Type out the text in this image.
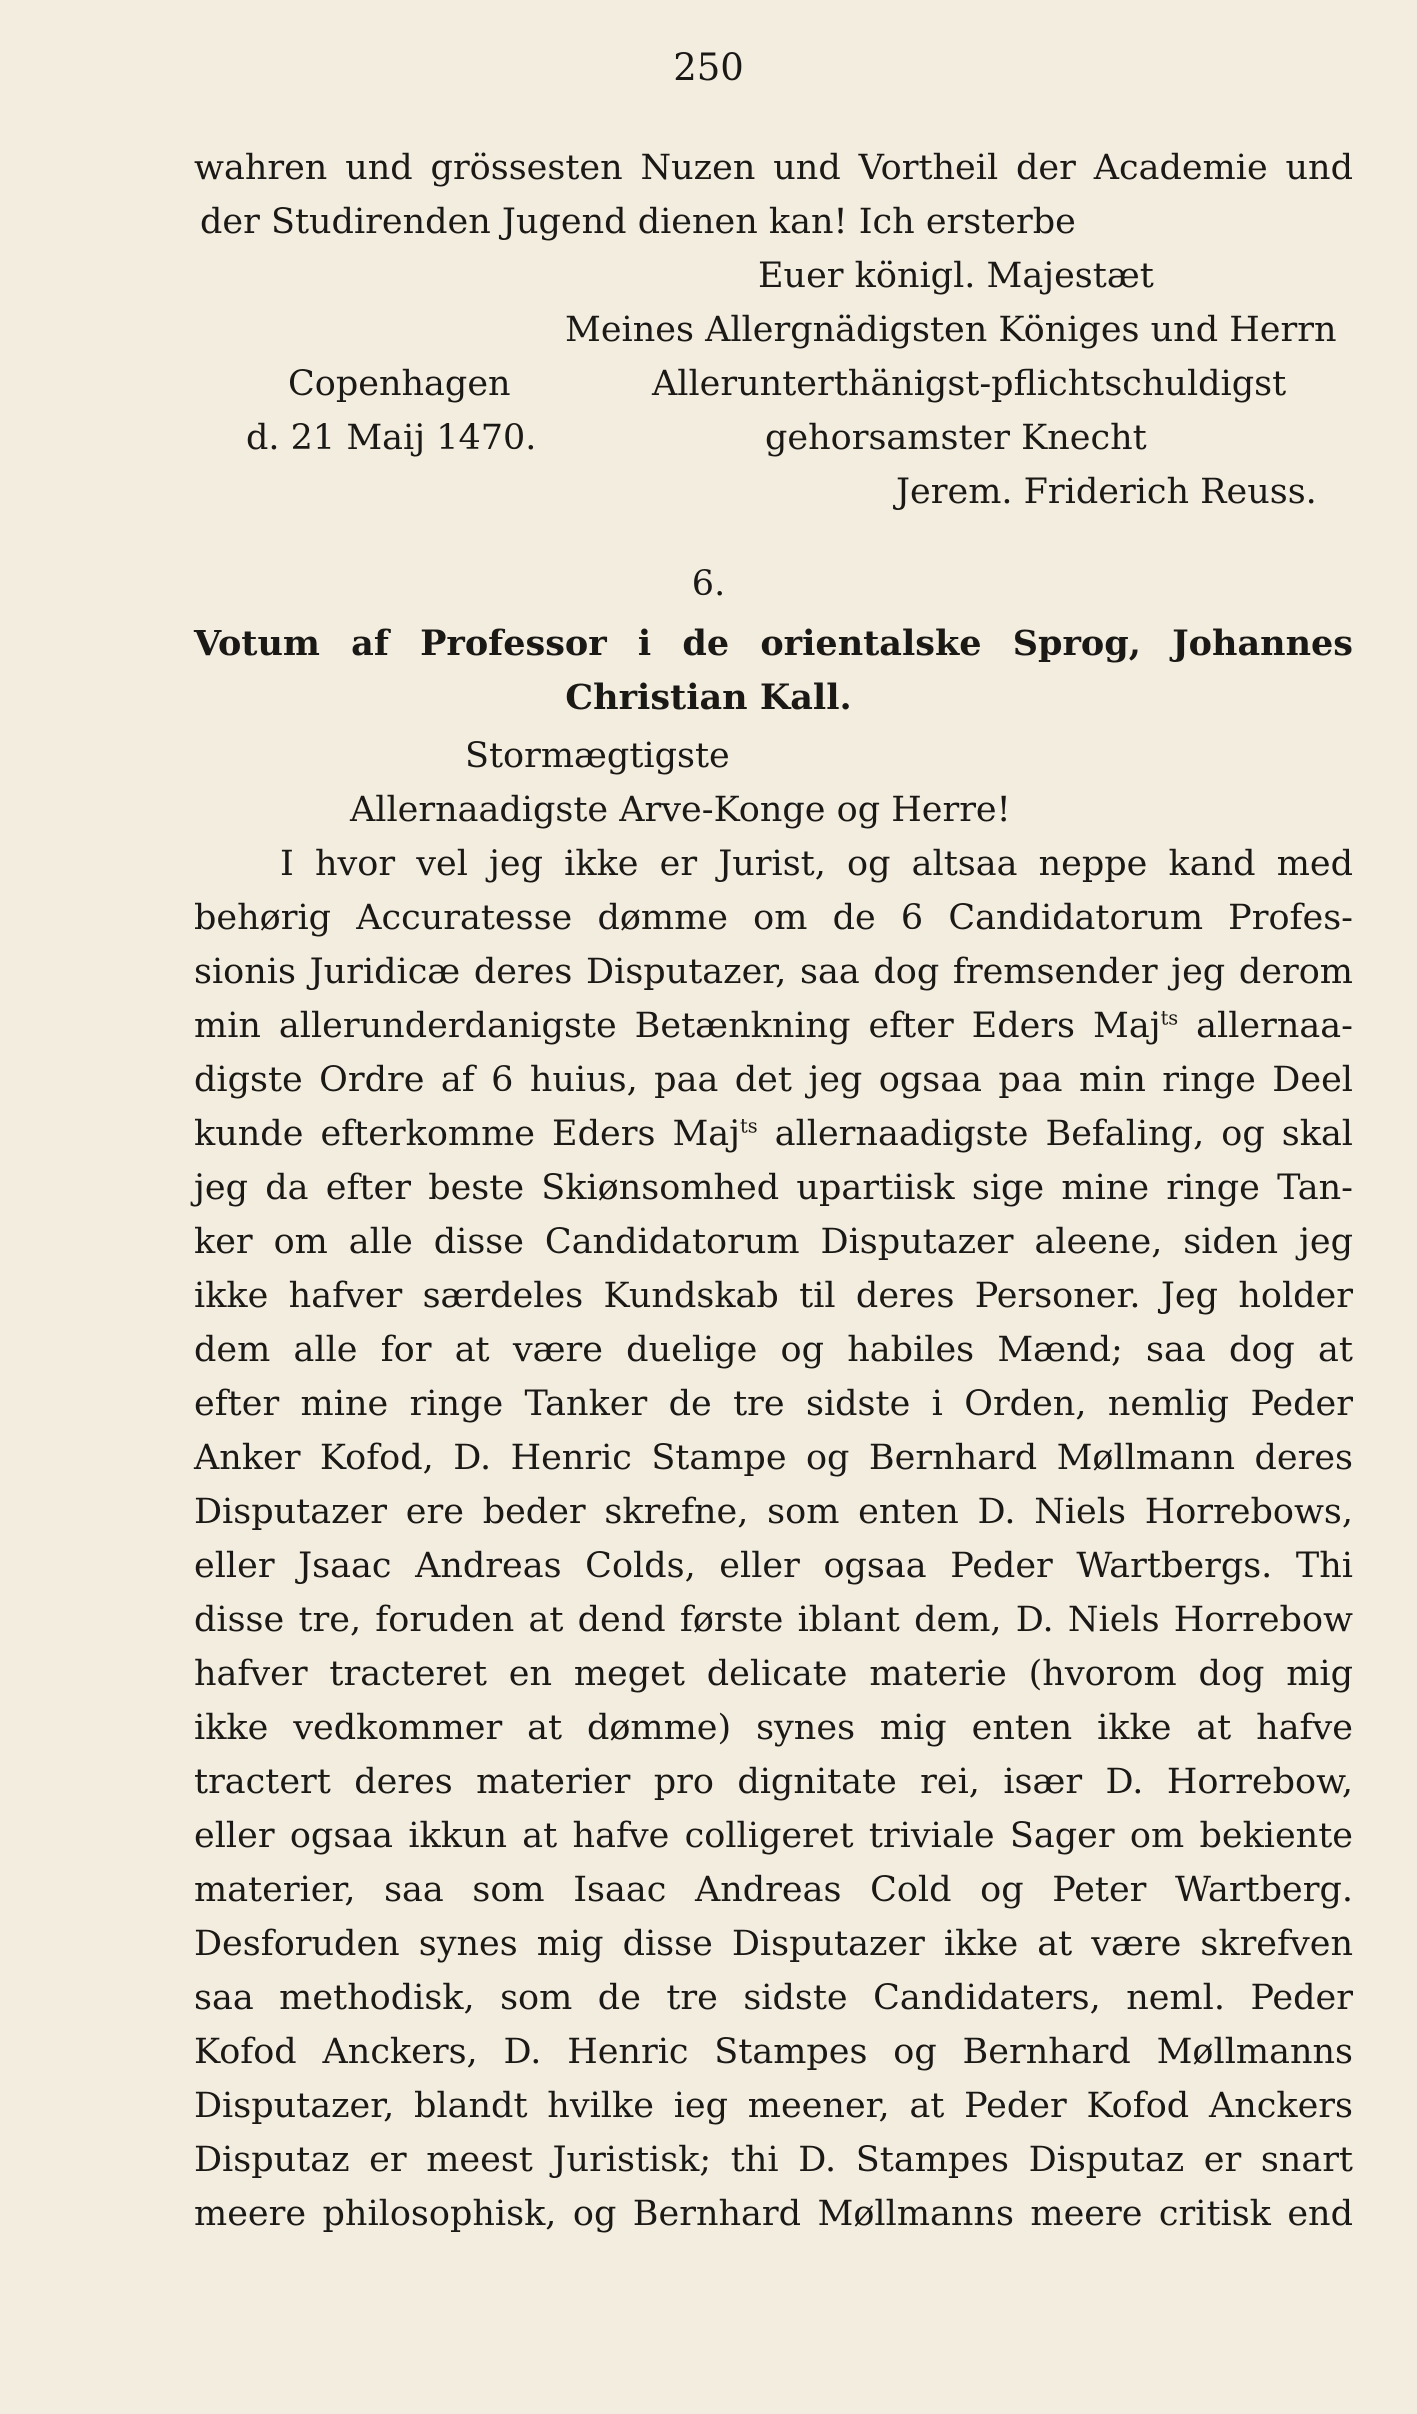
250
wahren und grössesten Nuzen und Vortheil der Academie und
der Studirenden Jugend dienen kan! Ich ersterbe
Euer königl. Majestæt
Meines Allergnädigsten Königes und Herrn
Copenhagen	Allerunterthänigst-pflichtschuldigst
d. 21 Maij 1470.	gehorsamster Knecht
Jerem. Friderich Reuss.
6.
Votum af Professor i de orientalske Sprog, Johannes
Christian Kall.
Stormægtigste
Allernaadigste Arve-Konge og Herre!
I hvor vel jeg ikke er Jurist, og altsaa neppe kand med
behørig Accuratesse dømme om de 6 Candidatorum Profes-
sionis Juridicæ deres Disputazer, saa dog fremsender jeg derom
min allerunderdanigste Betænkning efter Eders Maj$^{ts}$ allernaa-
digste Ordre af 6 huius, paa det jeg ogsaa paa min ringe Deel
kunde efterkomme Eders Maj$^{ts}$ allernaadigste Befaling, og skal
jeg da efter beste Skiønsomhed upartiisk sige mine ringe Tan-
ker om alle disse Candidatorum Disputazer aleene, siden jeg
ikke hafver særdeles Kundskab til deres Personer. Jeg holder
dem alle for at være duelige og habiles Mænd; saa dog at
efter mine ringe Tanker de tre sidste i Orden, nemlig Peder
Anker Kofod, D. Henric Stampe og Bernhard Møllmann deres
Disputazer ere beder skrefne, som enten D. Niels Horrebows,
eller Jsaac Andreas Colds, eller ogsaa Peder Wartbergs. Thi
disse tre, foruden at dend første iblant dem, D. Niels Horrebow
hafver tracteret en meget delicate materie (hvorom dog mig
ikke vedkommer at dømme) synes mig enten ikke at hafve
tractert deres materier pro dignitate rei, især D. Horrebow,
eller ogsaa ikkun at hafve colligeret triviale Sager om bekiente
materier, saa som Isaac Andreas Cold og Peter Wartberg.
Desforuden synes mig disse Disputazer ikke at være skrefven
saa methodisk, som de tre sidste Candidaters, neml. Peder
Kofod Anckers, D. Henric Stampes og Bernhard Møllmanns
Disputazer, blandt hvilke ieg meener, at Peder Kofod Anckers
Disputaz er meest Juristisk; thi D. Stampes Disputaz er snart
meere philosophisk, og Bernhard Møllmanns meere critisk end
